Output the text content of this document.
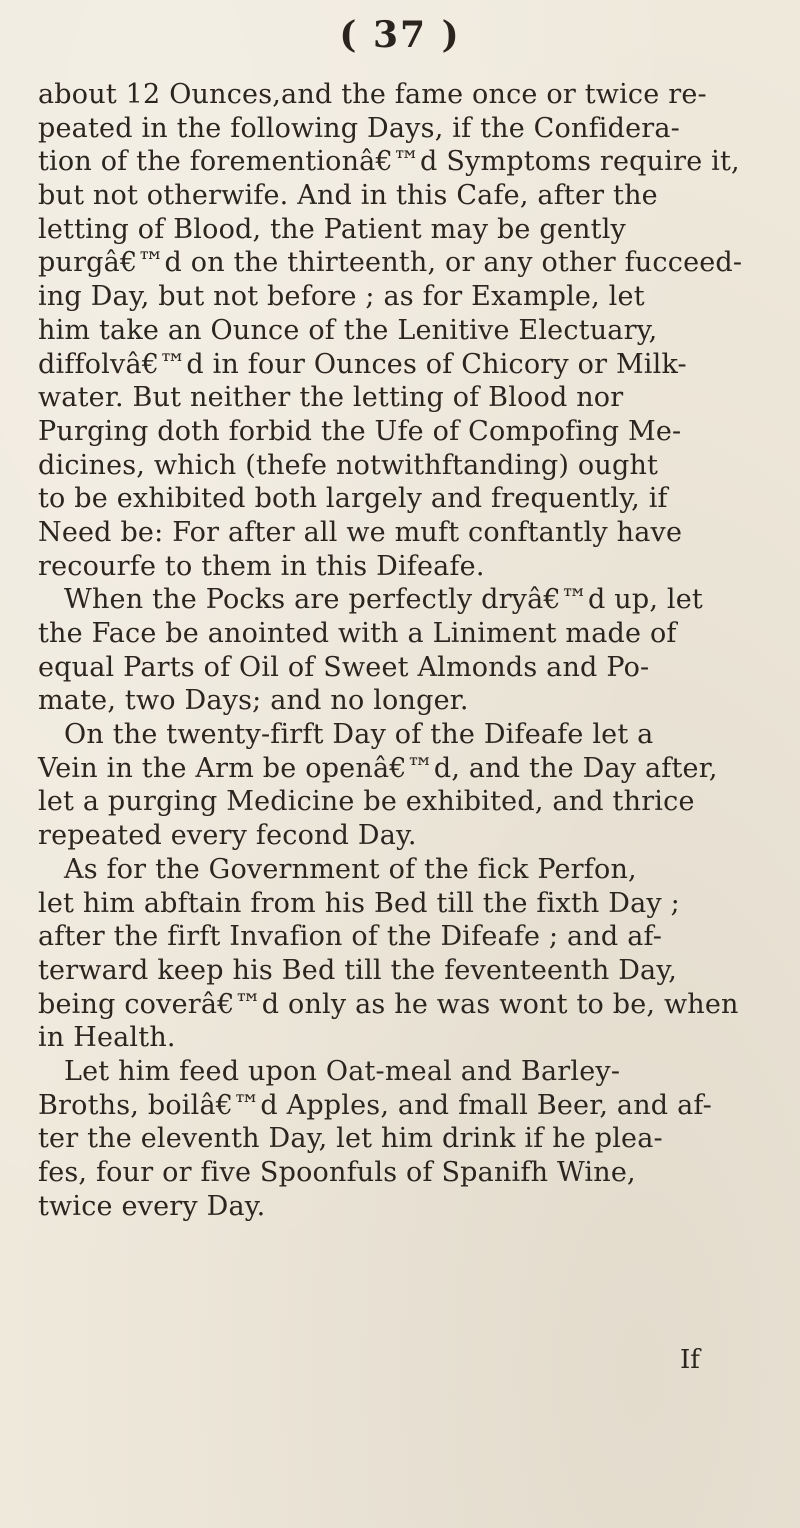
( 37 )
about 12 Ounces,and the fame once or twice re-
peated in the following Days, if the Confidera-
tion of the forementionâ€™d Symptoms require it,
but not otherwife. And in this Cafe, after the
letting of Blood, the Patient may be gently
purgâ€™d on the thirteenth, or any other fucceed-
ing Day, but not before ; as for Example, let
him take an Ounce of the Lenitive Electuary,
diffolvâ€™d in four Ounces of Chicory or Milk-
water. But neither the letting of Blood nor
Purging doth forbid the Ufe of Compofing Me-
dicines, which (thefe notwithftanding) ought
to be exhibited both largely and frequently, if
Need be: For after all we muft conftantly have
recourfe to them in this Difeafe.
When the Pocks are perfectly dryâ€™d up, let
the Face be anointed with a Liniment made of
equal Parts of Oil of Sweet Almonds and Po-
mate, two Days; and no longer.
On the twenty-firft Day of the Difeafe let a
Vein in the Arm be openâ€™d, and the Day after,
let a purging Medicine be exhibited, and thrice
repeated every fecond Day.
As for the Government of the fick Perfon,
let him abftain from his Bed till the fixth Day ;
after the firft Invafion of the Difeafe ; and af-
terward keep his Bed till the feventeenth Day,
being coverâ€™d only as he was wont to be, when
in Health.
Let him feed upon Oat-meal and Barley-
Broths, boilâ€™d Apples, and fmall Beer, and af-
ter the eleventh Day, let him drink if he plea-
fes, four or five Spoonfuls of Spanifh Wine,
twice every Day.
If
